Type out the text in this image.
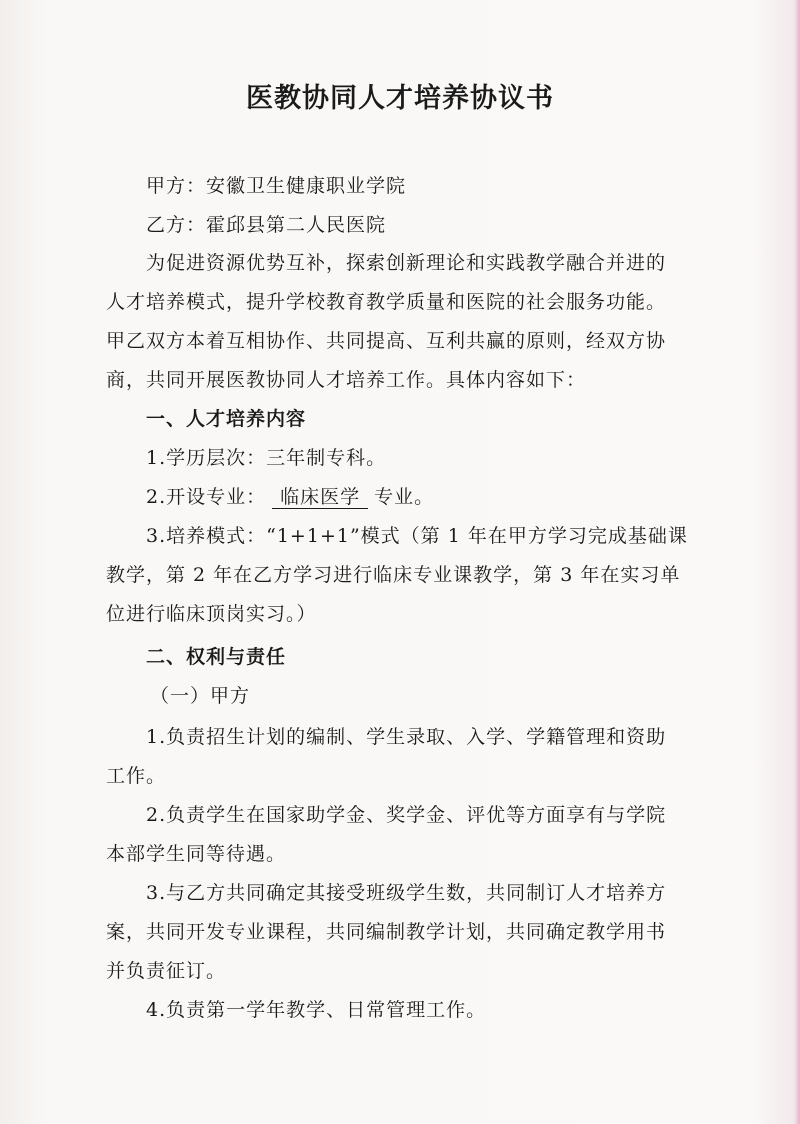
医教协同人才培养协议书
甲方：安徽卫生健康职业学院
乙方：霍邱县第二人民医院
为促进资源优势互补，探索创新理论和实践教学融合并进的
人才培养模式，提升学校教育教学质量和医院的社会服务功能。
甲乙双方本着互相协作、共同提高、互利共赢的原则，经双方协
商，共同开展医教协同人才培养工作。具体内容如下：
一、人才培养内容
1.学历层次：三年制专科。
2.开设专业： 临床医学 专业。
3.培养模式：“1+1+1”模式（第 1 年在甲方学习完成基础课
教学，第 2 年在乙方学习进行临床专业课教学，第 3 年在实习单
位进行临床顶岗实习。）
二、权利与责任
（一）甲方
1.负责招生计划的编制、学生录取、入学、学籍管理和资助
工作。
2.负责学生在国家助学金、奖学金、评优等方面享有与学院
本部学生同等待遇。
3.与乙方共同确定其接受班级学生数，共同制订人才培养方
案，共同开发专业课程，共同编制教学计划，共同确定教学用书
并负责征订。
4.负责第一学年教学、日常管理工作。
